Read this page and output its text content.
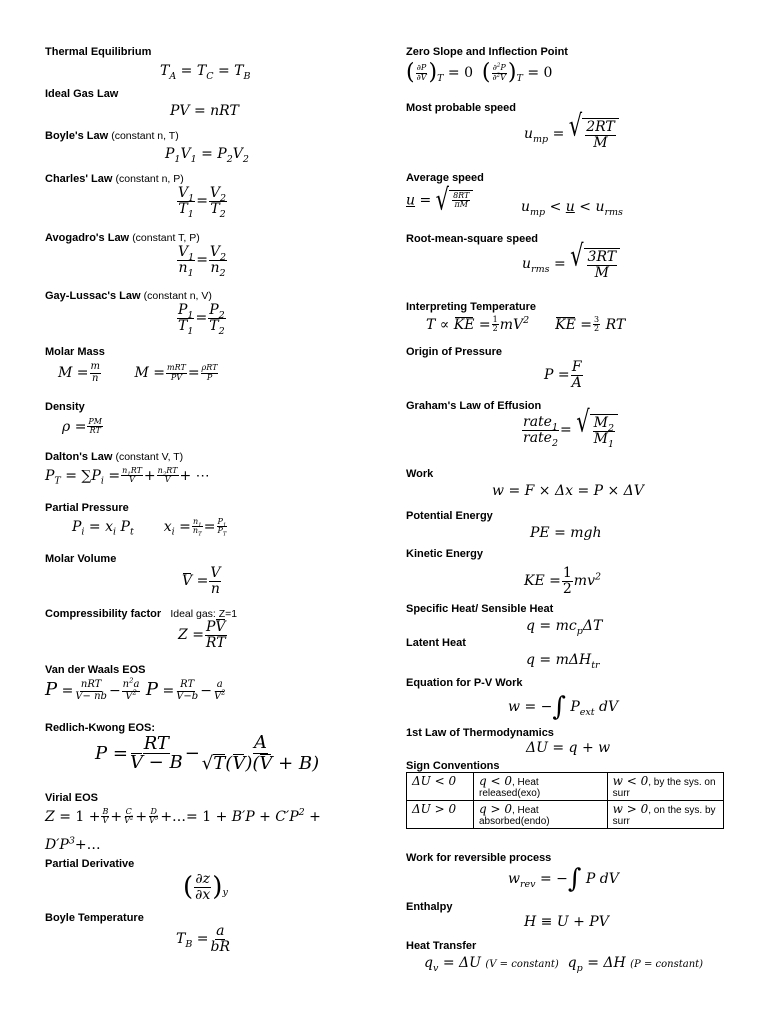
Thermal Equilibrium
$T_A = T_C = T_B$
Ideal Gas Law
PV = nRT
Boyle's Law (constant n, T)
$P_1V_1 = P_2V_2$
Charles' Law (constant n, P)
$\frac{V_1}{T_1} = \frac{V_2}{T_2}$
Avogadro's Law (constant T, P)
$\frac{V_1}{n_1} = \frac{V_2}{n_2}$
Gay-Lussac's Law (constant n, V)
$\frac{P_1}{T_1} = \frac{P_2}{T_2}$
Molar Mass
$M = \frac{m}{n}$ $M = \frac{\text{mRT}}{PV} = \frac{\text{ρRT}}{P}$
Density
$\rho = \frac{PM}{RT}$
Dalton's Law (constant V, T)
$P_T = \sum P_i = \frac{n_1RT}{V} + \frac{n_2RT}{V}$ + ⋯
Partial Pressure
$P_i = x_i$ $P_t$ $x_i = \frac{n_1}{n_T} = \frac{P_1}{P_T}$
Molar Volume
$V = \frac{V}{n}$
Compressibility factor Ideal gas: Z=1
$Z = \frac{PV}{RT}$
Van der Waals EOS
$P = \frac{\text{nRT}}{V- nb} - \frac{n^2a}{V^2}$ $P = \frac{RT}{V-b} - \frac{a}{V^2}$
Redlich-Kwong EOS:
$P = \frac{RT}{V - B} - \frac{A}{√T(V)(V + B)}$
Virial EOS
$Z = 1 + \frac{B}{V} + \frac{C}{V^2} + \frac{D}{V^3}$ +…= $1 + B'P + C'P^2$ +
$D'P^3+\dots$
Partial Derivative
( $\frac{\partial z}{\partial x} )_y$
Boyle Temperature
$T_B = \frac{a}{bR}$
Zero Slope and Inflection Point
( $\frac{\partial P}{\partial V} )_T = 0$ ( $\frac{\partial^2P}{\partial^2V} )_T = 0$
Most probable speed
$u_{mp}$ = √ $\frac{2RT}{M}$
Average speed
u = √ $\frac{8RT}{\pi M}$	$u_{mp} < u < u_{rms}$
Root-mean-square speed
$u_{rms}$ = √ $\frac{3RT}{M}$
Interpreting Temperature
T ∝ KE = $\frac{1}{2} mV^2$ KE = $\frac{3}{2}$ RT
Origin of Pressure
$P = \frac{F}{A}$
Graham's Law of Effusion
$\frac{rate_1}{rate_2}$ = √ $\frac{M_2}{M_1}$
Work
w = F × Δx = P × ΔV
Potential Energy
PE = mgh
Kinetic Energy
KE = $\frac{1}{2} mv^2$
Specific Heat/ Sensible Heat
$q = mc_p\Delta T$
Latent Heat
q = mΔH$_{tr}$
Equation for P-V Work
w = −∫ $P_{ext}$ dV
1st Law of Thermodynamics
ΔU = q + w
Sign Conventions
ΔU < 0	q < 0, Heat released(exo)	w < 0, by the sys. on surr
ΔU > 0	q > 0, Heat absorbed(endo)	w > 0, on the sys. by surr
Work for reversible process
$w_{rev}$ = −∫ P dV
Enthalpy
H ≡ U + PV
Heat Transfer
$q_v = \Delta U$ (V = constant)  $q_p = \Delta H$ (P = constant)
